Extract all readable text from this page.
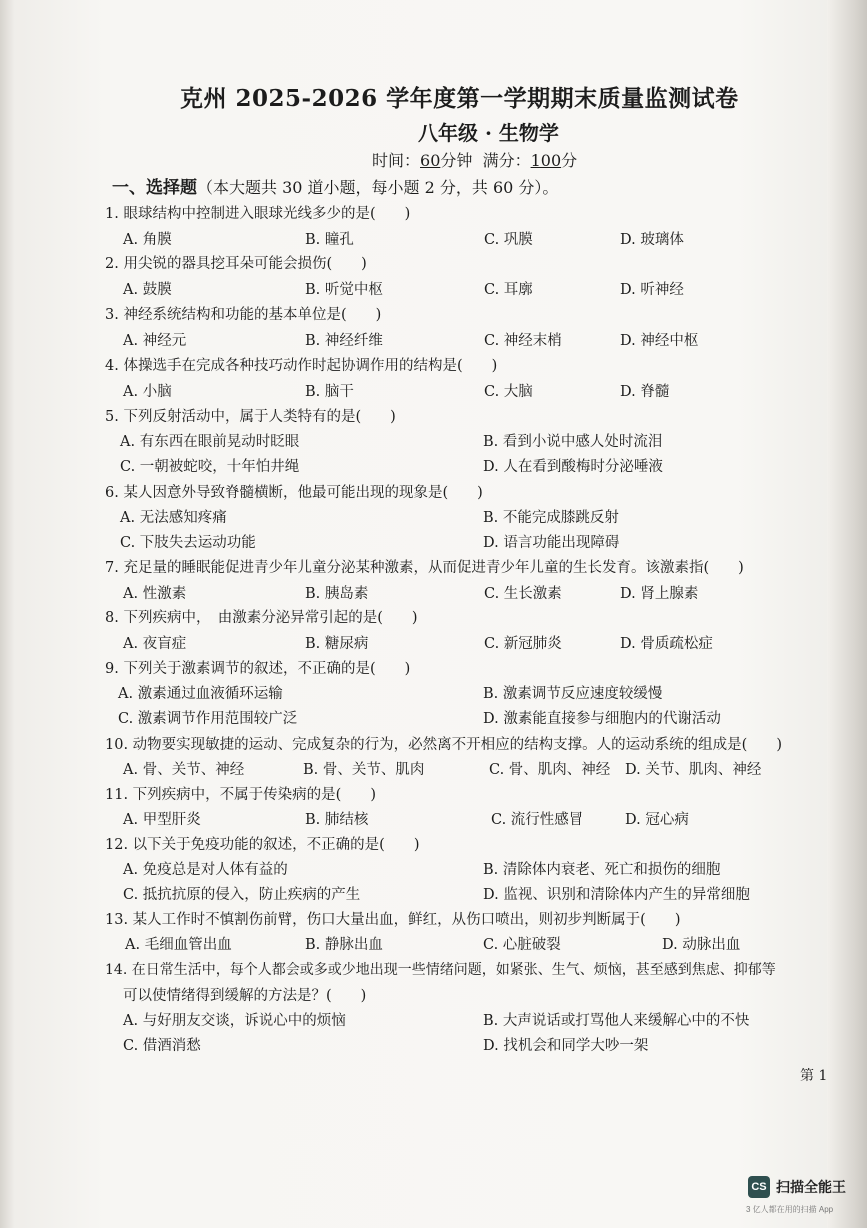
克州 2025-2026 学年度第一学期期末质量监测试卷
八年级 · 生物学
时间：60分钟 满分：100分
一、选择题（本大题共 30 道小题，每小题 2 分，共 60 分）。
1. 眼球结构中控制进入眼球光线多少的是(　　)
A. 角膜	B. 瞳孔	C. 巩膜	D. 玻璃体
2. 用尖锐的器具挖耳朵可能会损伤(　　)
A. 鼓膜	B. 听觉中枢	C. 耳廓	D. 听神经
3. 神经系统结构和功能的基本单位是(　　)
A. 神经元	B. 神经纤维	C. 神经末梢	D. 神经中枢
4. 体操选手在完成各种技巧动作时起协调作用的结构是(　　)
A. 小脑	B. 脑干	C. 大脑	D. 脊髓
5. 下列反射活动中，属于人类特有的是(　　)
A. 有东西在眼前晃动时眨眼	B. 看到小说中感人处时流泪
C. 一朝被蛇咬，十年怕井绳	D. 人在看到酸梅时分泌唾液
6. 某人因意外导致脊髓横断，他最可能出现的现象是(　　)
A. 无法感知疼痛	B. 不能完成膝跳反射
C. 下肢失去运动功能	D. 语言功能出现障碍
7. 充足量的睡眠能促进青少年儿童分泌某种激素，从而促进青少年儿童的生长发育。该激素指(　　)
A. 性激素	B. 胰岛素	C. 生长激素	D. 肾上腺素
8. 下列疾病中，　由激素分泌异常引起的是(　　)
A. 夜盲症	B. 糖尿病	C. 新冠肺炎	D. 骨质疏松症
9. 下列关于激素调节的叙述，不正确的是(　　)
A. 激素通过血液循环运输	B. 激素调节反应速度较缓慢
C. 激素调节作用范围较广泛	D. 激素能直接参与细胞内的代谢活动
10. 动物要实现敏捷的运动、完成复杂的行为，必然离不开相应的结构支撑。人的运动系统的组成是(　　)
A. 骨、关节、神经	B. 骨、关节、肌肉	C. 骨、肌肉、神经 D. 关节、肌肉、神经
11. 下列疾病中，不属于传染病的是(　　)
A. 甲型肝炎	B. 肺结核	C. 流行性感冒	D. 冠心病
12. 以下关于免疫功能的叙述，不正确的是(　　)
A. 免疫总是对人体有益的	B. 清除体内衰老、死亡和损伤的细胞
C. 抵抗抗原的侵入，防止疾病的产生	D. 监视、识别和清除体内产生的异常细胞
13. 某人工作时不慎割伤前臂，伤口大量出血，鲜红，从伤口喷出，则初步判断属于(　　)
A. 毛细血管出血	B. 静脉出血	C. 心脏破裂	D. 动脉出血
14. 在日常生活中，每个人都会或多或少地出现一些情绪问题，如紧张、生气、烦恼，甚至感到焦虑、抑郁等
可以使情绪得到缓解的方法是？(　　)
A. 与好朋友交谈，诉说心中的烦恼	B. 大声说话或打骂他人来缓解心中的不快
C. 借酒消愁	D. 找机会和同学大吵一架
第 1
CS 扫描全能王
3 亿人都在用的扫描 App
